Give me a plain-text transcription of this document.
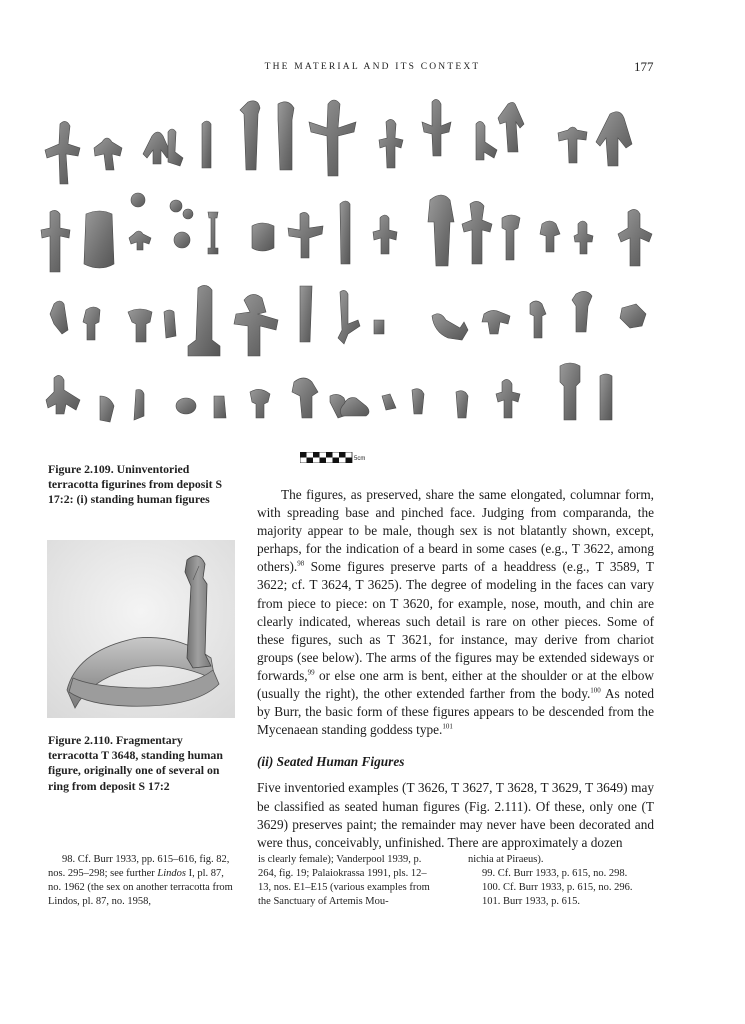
THE MATERIAL AND ITS CONTEXT	177
5cm
Figure 2.109. Uninventoried terracotta figurines from deposit S 17:2: (i) standing human figures
Figure 2.110. Fragmentary terracotta T 3648, standing human figure, originally one of several on ring from deposit S 17:2

The figures, as preserved, share the same elongated, columnar form, with spreading base and pinched face. Judging from comparanda, the majority appear to be male, though sex is not blatantly shown, except, perhaps, for the indication of a beard in some cases (e.g., T 3622, among others).$^{98}$ Some figures preserve parts of a headdress (e.g., T 3589, T 3622; cf. T 3624, T 3625). The degree of modeling in the faces can vary from piece to piece: on T 3620, for example, nose, mouth, and chin are clearly indicated, whereas such detail is rare on other pieces. Some of these figures, such as T 3621, for instance, may derive from chariot groups (see below). The arms of the figures may be extended sideways or forwards,$^{99}$ or else one arm is bent, either at the shoulder or at the elbow (usually the right), the other extended farther from the body.$^{100}$ As noted by Burr, the basic form of these figures appears to be descended from the Mycenaean standing goddess type.$^{101}$

(ii) Seated Human Figures

Five inventoried examples (T 3626, T 3627, T 3628, T 3629, T 3649) may be classified as seated human figures (Fig. 2.111). Of these, only one (T 3629) preserves paint; the remainder may never have been decorated and were thus, conceivably, unfinished. There are approximately a dozen

98. Cf. Burr 1933, pp. 615–616, fig. 82, nos. 295–298; see further Lindos I, pl. 87, no. 1962 (the sex on another terracotta from Lindos, pl. 87, no. 1958,
is clearly female); Vanderpool 1939, p. 264, fig. 19; Palaiokrassa 1991, pls. 12–13, nos. E1–E15 (various examples from the Sanctuary of Artemis Mou-
nichia at Piraeus).
99. Cf. Burr 1933, p. 615, no. 298.
100. Cf. Burr 1933, p. 615, no. 296.
101. Burr 1933, p. 615.
